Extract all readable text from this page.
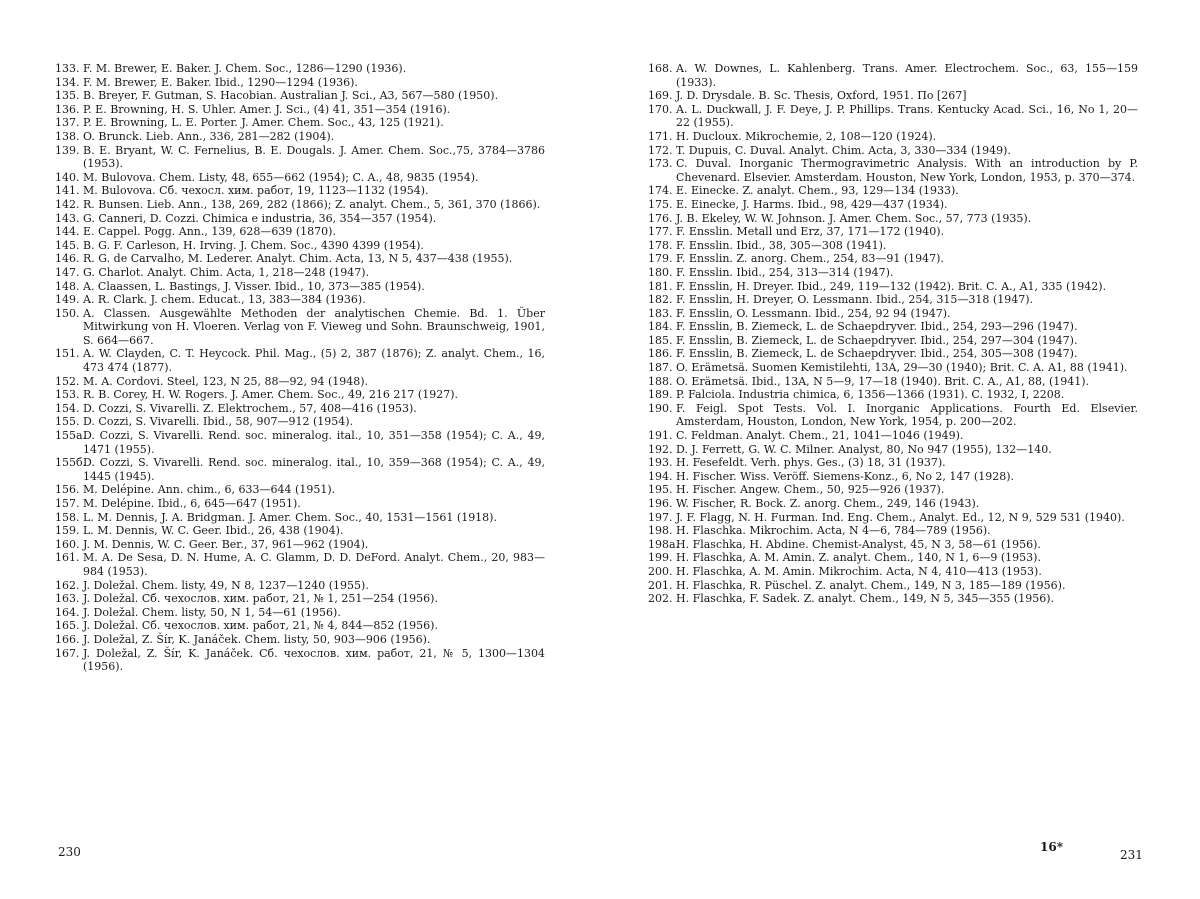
133. F. M. Brewer, E. Baker. J. Chem. Soc., 1286—1290 (1936).
134. F. M. Brewer, E. Baker. Ibid., 1290—1294 (1936).
135. B. Breyer, F. Gutman, S. Hacobian. Australian J. Sci., A3, 567—580 (1950).
136. P. E. Browning, H. S. Uhler. Amer. J. Sci., (4) 41, 351—354 (1916).
137. P. E. Browning, L. E. Porter. J. Amer. Chem. Soc., 43, 125 (1921).
138. O. Brunck. Lieb. Ann., 336, 281—282 (1904).
139. B. E. Bryant, W. C. Fernelius, B. E. Dougals. J. Amer. Chem. Soc.,75, 3784—3786 (1953).
140. M. Bulovova. Chem. Listy, 48, 655—662 (1954); C. A., 48, 9835 (1954).
141. M. Bulovova. Сб. чехосл. хим. работ, 19, 1123—1132 (1954).
142. R. Bunsen. Lieb. Ann., 138, 269, 282 (1866); Z. analyt. Chem., 5, 361, 370 (1866).
143. G. Canneri, D. Cozzi. Chimica e industria, 36, 354—357 (1954).
144. E. Cappel. Pogg. Ann., 139, 628—639 (1870).
145. B. G. F. Carleson, H. Irving. J. Chem. Soc., 4390 4399 (1954).
146. R. G. de Carvalho, M. Lederer. Analyt. Chim. Acta, 13, N 5, 437—438 (1955).
147. G. Charlot. Analyt. Chim. Acta, 1, 218—248 (1947).
148. A. Claassen, L. Bastings, J. Visser. Ibid., 10, 373—385 (1954).
149. A. R. Clark. J. chem. Educat., 13, 383—384 (1936).
150. A. Classen. Ausgewählte Methoden der analytischen Chemie. Bd. 1. Über Mitwirkung von H. Vloeren. Verlag von F. Vieweg und Sohn. Braunschweig, 1901, S. 664—667.
151. A. W. Clayden, C. T. Heycock. Phil. Mag., (5) 2, 387 (1876); Z. analyt. Chem., 16, 473 474 (1877).
152. M. A. Cordovi. Steel, 123, N 25, 88—92, 94 (1948).
153. R. B. Corey, H. W. Rogers. J. Amer. Chem. Soc., 49, 216 217 (1927).
154. D. Cozzi, S. Vivarelli. Z. Elektrochem., 57, 408—416 (1953).
155. D. Cozzi, S. Vivarelli. Ibid., 58, 907—912 (1954).
155a.
D. Cozzi, S. Vivarelli. Rend. soc. mineralog. ital., 10, 351—358 (1954); C. A., 49, 1471 (1955).
155б.
D. Cozzi, S. Vivarelli. Rend. soc. mineralog. ital., 10, 359—368 (1954); C. A., 49, 1445 (1945).
156. M. Delépine. Ann. chim., 6, 633—644 (1951).
157. M. Delépine. Ibid., 6, 645—647 (1951).
158. L. M. Dennis, J. A. Bridgman. J. Amer. Chem. Soc., 40, 1531—1561 (1918).
159. L. M. Dennis, W. C. Geer. Ibid., 26, 438 (1904).
160. J. M. Dennis, W. C. Geer. Ber., 37, 961—962 (1904).
161. M. A. De Sesa, D. N. Hume, A. C. Glamm, D. D. DeFord. Analyt. Chem., 20, 983—984 (1953).
162. J. Doležal. Chem. listy, 49, N 8, 1237—1240 (1955).
163. J. Doležal. Сб. чехослов. хим. работ, 21, № 1, 251—254 (1956).
164. J. Doležal. Chem. listy, 50, N 1, 54—61 (1956).
165. J. Doležal. Сб. чехослов. хим. работ, 21, № 4, 844—852 (1956).
166. J. Doležal, Z. Šír, K. Janáček. Chem. listy, 50, 903—906 (1956).
167. J. Doležal, Z. Šír, K. Janáček. Сб. чехослов. хим. работ, 21, № 5, 1300—1304 (1956).
168. A. W. Downes, L. Kahlenberg. Trans. Amer. Electrochem. Soc., 63, 155—159 (1933).
169. J. D. Drysdale. B. Sc. Thesis, Oxford, 1951. По [267]
170. A. L. Duckwall, J. F. Deye, J. P. Phillips. Trans. Kentucky Acad. Sci., 16, No 1, 20—22 (1955).
171. H. Ducloux. Mikrochemie, 2, 108—120 (1924).
172. T. Dupuis, C. Duval. Analyt. Chim. Acta, 3, 330—334 (1949).
173. C. Duval. Inorganic Thermogravimetric Analysis. With an introduction by P. Chevenard. Elsevier. Amsterdam. Houston, New York, London, 1953, p. 370—374.
174. E. Einecke. Z. analyt. Chem., 93, 129—134 (1933).
175. E. Einecke, J. Harms. Ibid., 98, 429—437 (1934).
176. J. B. Ekeley, W. W. Johnson. J. Amer. Chem. Soc., 57, 773 (1935).
177. F. Ensslin. Metall und Erz, 37, 171—172 (1940).
178. F. Ensslin. Ibid., 38, 305—308 (1941).
179. F. Ensslin. Z. anorg. Chem., 254, 83—91 (1947).
180. F. Ensslin. Ibid., 254, 313—314 (1947).
181. F. Ensslin, H. Dreyer. Ibid., 249, 119—132 (1942). Brit. C. A., A1, 335 (1942).
182. F. Ensslin, H. Dreyer, O. Lessmann. Ibid., 254, 315—318 (1947).
183. F. Ensslin, O. Lessmann. Ibid., 254, 92 94 (1947).
184. F. Ensslin, B. Ziemeck, L. de Schaepdryver. Ibid., 254, 293—296 (1947).
185. F. Ensslin, B. Ziemeck, L. de Schaepdryver. Ibid., 254, 297—304 (1947).
186. F. Ensslin, B. Ziemeck, L. de Schaepdryver. Ibid., 254, 305—308 (1947).
187. O. Erämetsä. Suomen Kemistilehti, 13A, 29—30 (1940); Brit. C. A. A1, 88 (1941).
188. O. Erämetsä. Ibid., 13A, N 5—9, 17—18 (1940). Brit. C. A., A1, 88, (1941).
189. P. Falciola. Industria chimica, 6, 1356—1366 (1931). C. 1932, I, 2208.
190. F. Feigl. Spot Tests. Vol. I. Inorganic Applications. Fourth Ed. Elsevier. Amsterdam, Houston, London, New York, 1954, p. 200—202.
191. C. Feldman. Analyt. Chem., 21, 1041—1046 (1949).
192. D. J. Ferrett, G. W. C. Milner. Analyst, 80, No 947 (1955), 132—140.
193. H. Fesefeldt. Verh. phys. Ges., (3) 18, 31 (1937).
194. H. Fischer. Wiss. Veröff. Siemens-Konz., 6, No 2, 147 (1928).
195. H. Fischer. Angew. Chem., 50, 925—926 (1937).
196. W. Fischer, R. Bock. Z. anorg. Chem., 249, 146 (1943).
197. J. F. Flagg, N. H. Furman. Ind. Eng. Chem., Analyt. Ed., 12, N 9, 529 531 (1940).
198. H. Flaschka. Mikrochim. Acta, N 4—6, 784—789 (1956).
198a.
H. Flaschka, H. Abdine. Chemist-Analyst, 45, N 3, 58—61 (1956).
199. H. Flaschka, A. M. Amin. Z. analyt. Chem., 140, N 1, 6—9 (1953).
200. H. Flaschka, A. M. Amin. Mikrochim. Acta, N 4, 410—413 (1953).
201. H. Flaschka, R. Püschel. Z. analyt. Chem., 149, N 3, 185—189 (1956).
202. H. Flaschka, F. Sadek. Z. analyt. Chem., 149, N 5, 345—355 (1956).
230	16*
231
